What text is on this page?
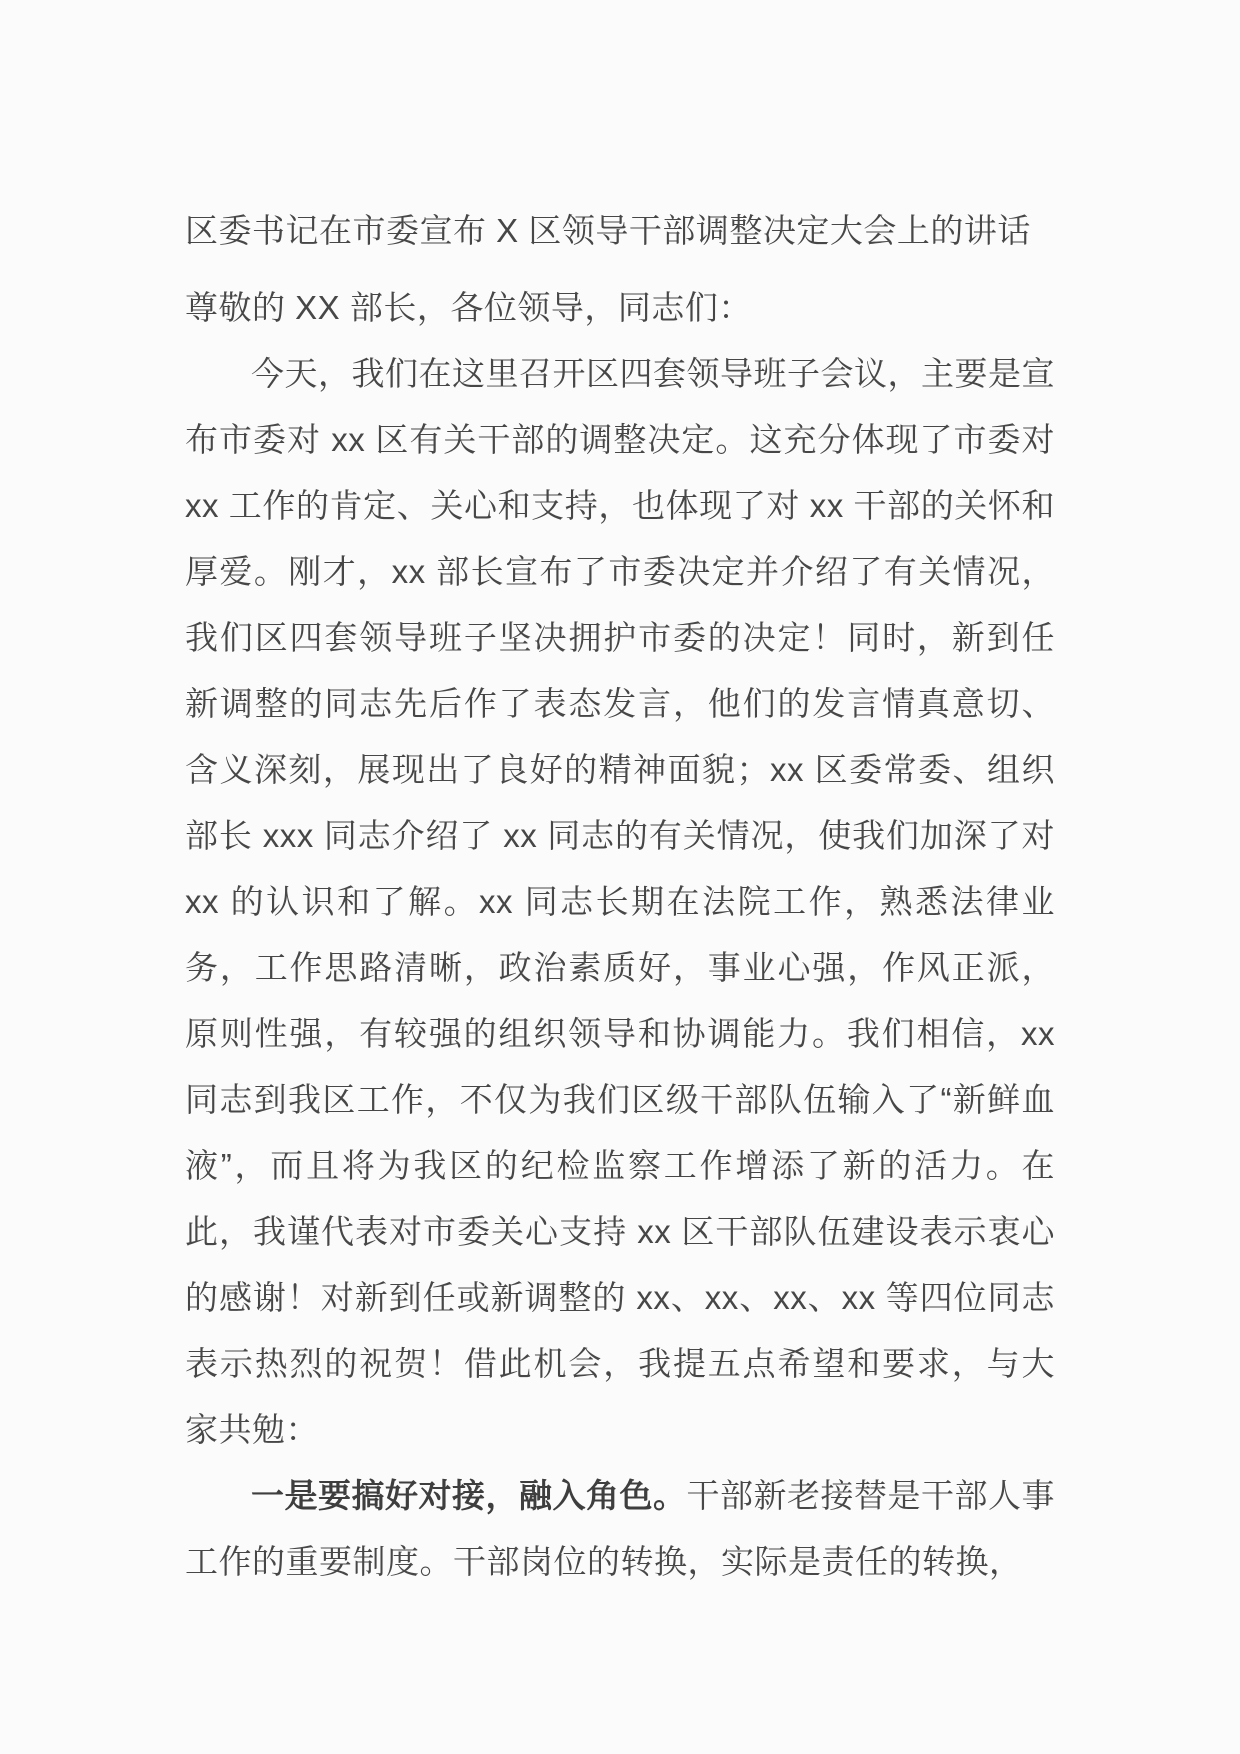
区委书记在市委宣布 X 区领导干部调整决定大会上的讲话

尊敬的 XX 部长，各位领导，同志们：

今天，我们在这里召开区四套领导班子会议，主要是宣布市委对 xx 区有关干部的调整决定。这充分体现了市委对 xx 工作的肯定、关心和支持，也体现了对 xx 干部的关怀和厚爱。刚才，xx 部长宣布了市委决定并介绍了有关情况，我们区四套领导班子坚决拥护市委的决定！同时，新到任新调整的同志先后作了表态发言，他们的发言情真意切、含义深刻，展现出了良好的精神面貌；xx 区委常委、组织部长 xxx 同志介绍了 xx 同志的有关情况，使我们加深了对 xx 的认识和了解。xx 同志长期在法院工作，熟悉法律业务，工作思路清晰，政治素质好，事业心强，作风正派，原则性强，有较强的组织领导和协调能力。我们相信，xx 同志到我区工作，不仅为我们区级干部队伍输入了“新鲜血液”，而且将为我区的纪检监察工作增添了新的活力。在此，我谨代表对市委关心支持 xx 区干部队伍建设表示衷心的感谢！对新到任或新调整的 xx、xx、xx、xx 等四位同志表示热烈的祝贺！借此机会，我提五点希望和要求，与大家共勉：

一是要搞好对接，融入角色。干部新老接替是干部人事工作的重要制度。干部岗位的转换，实际是责任的转换，
